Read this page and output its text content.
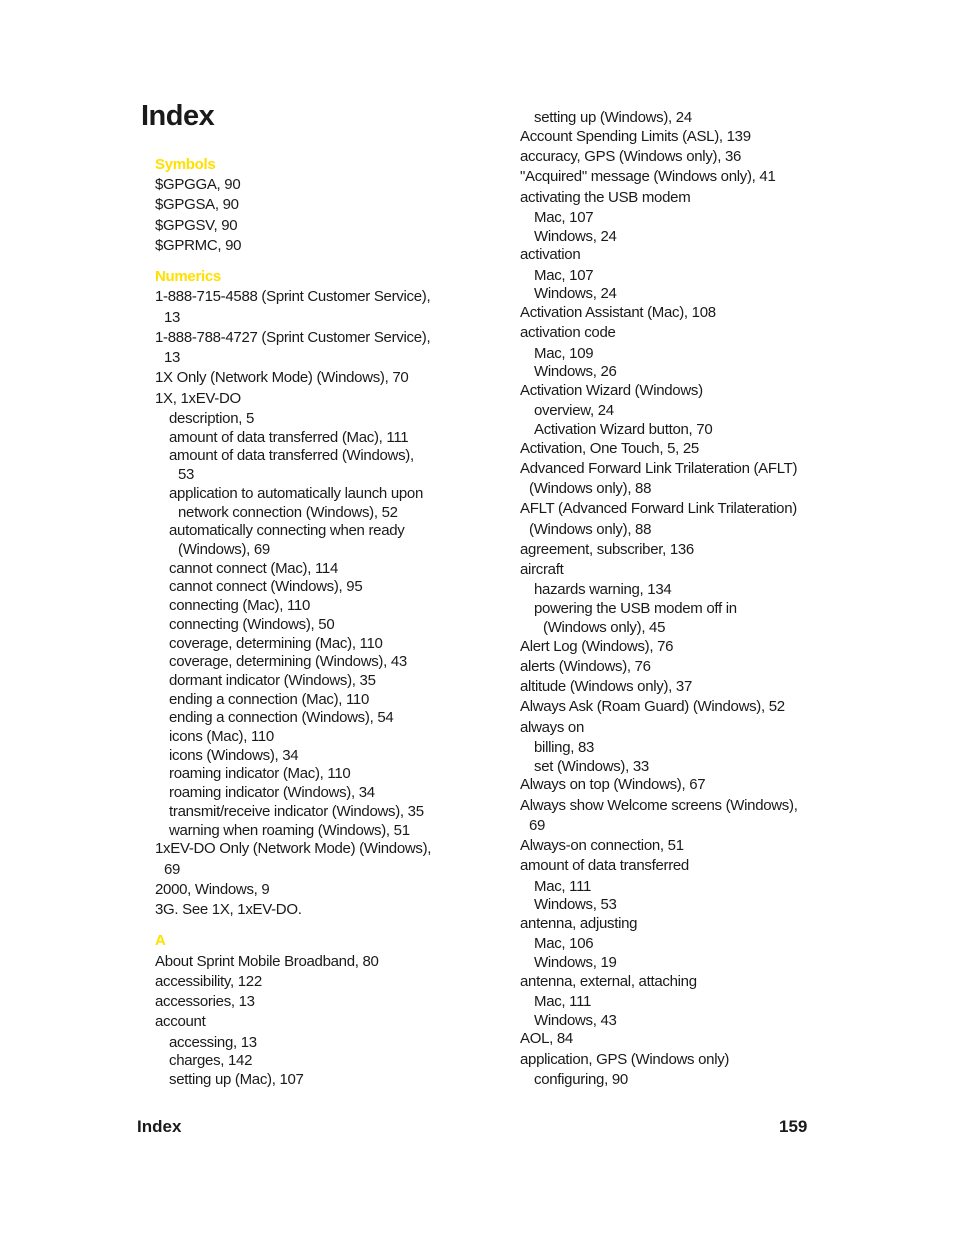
Index
Symbols
$GPGGA, 90
$GPGSA, 90
$GPGSV, 90
$GPRMC, 90
Numerics
1-888-715-4588 (Sprint Customer Service),
13
1-888-788-4727 (Sprint Customer Service),
13
1X Only (Network Mode) (Windows), 70
1X, 1xEV-DO
description, 5
amount of data transferred (Mac), 111
amount of data transferred (Windows),
53
application to automatically launch upon
network connection (Windows), 52
automatically connecting when ready
(Windows), 69
cannot connect (Mac), 114
cannot connect (Windows), 95
connecting (Mac), 110
connecting (Windows), 50
coverage, determining (Mac), 110
coverage, determining (Windows), 43
dormant indicator (Windows), 35
ending a connection (Mac), 110
ending a connection (Windows), 54
icons (Mac), 110
icons (Windows), 34
roaming indicator (Mac), 110
roaming indicator (Windows), 34
transmit/receive indicator (Windows), 35
warning when roaming (Windows), 51
1xEV-DO Only (Network Mode) (Windows),
69
2000, Windows, 9
3G. See 1X, 1xEV-DO.
A
About Sprint Mobile Broadband, 80
accessibility, 122
accessories, 13
account
accessing, 13
charges, 142
setting up (Mac), 107
setting up (Windows), 24
Account Spending Limits (ASL), 139
accuracy, GPS (Windows only), 36
"Acquired" message (Windows only), 41
activating the USB modem
Mac, 107
Windows, 24
activation
Mac, 107
Windows, 24
Activation Assistant (Mac), 108
activation code
Mac, 109
Windows, 26
Activation Wizard (Windows)
overview, 24
Activation Wizard button, 70
Activation, One Touch, 5, 25
Advanced Forward Link Trilateration (AFLT)
(Windows only), 88
AFLT (Advanced Forward Link Trilateration)
(Windows only), 88
agreement, subscriber, 136
aircraft
hazards warning, 134
powering the USB modem off in
(Windows only), 45
Alert Log (Windows), 76
alerts (Windows), 76
altitude (Windows only), 37
Always Ask (Roam Guard) (Windows), 52
always on
billing, 83
set (Windows), 33
Always on top (Windows), 67
Always show Welcome screens (Windows),
69
Always-on connection, 51
amount of data transferred
Mac, 111
Windows, 53
antenna, adjusting
Mac, 106
Windows, 19
antenna, external, attaching
Mac, 111
Windows, 43
AOL, 84
application, GPS (Windows only)
configuring, 90
Index	159
